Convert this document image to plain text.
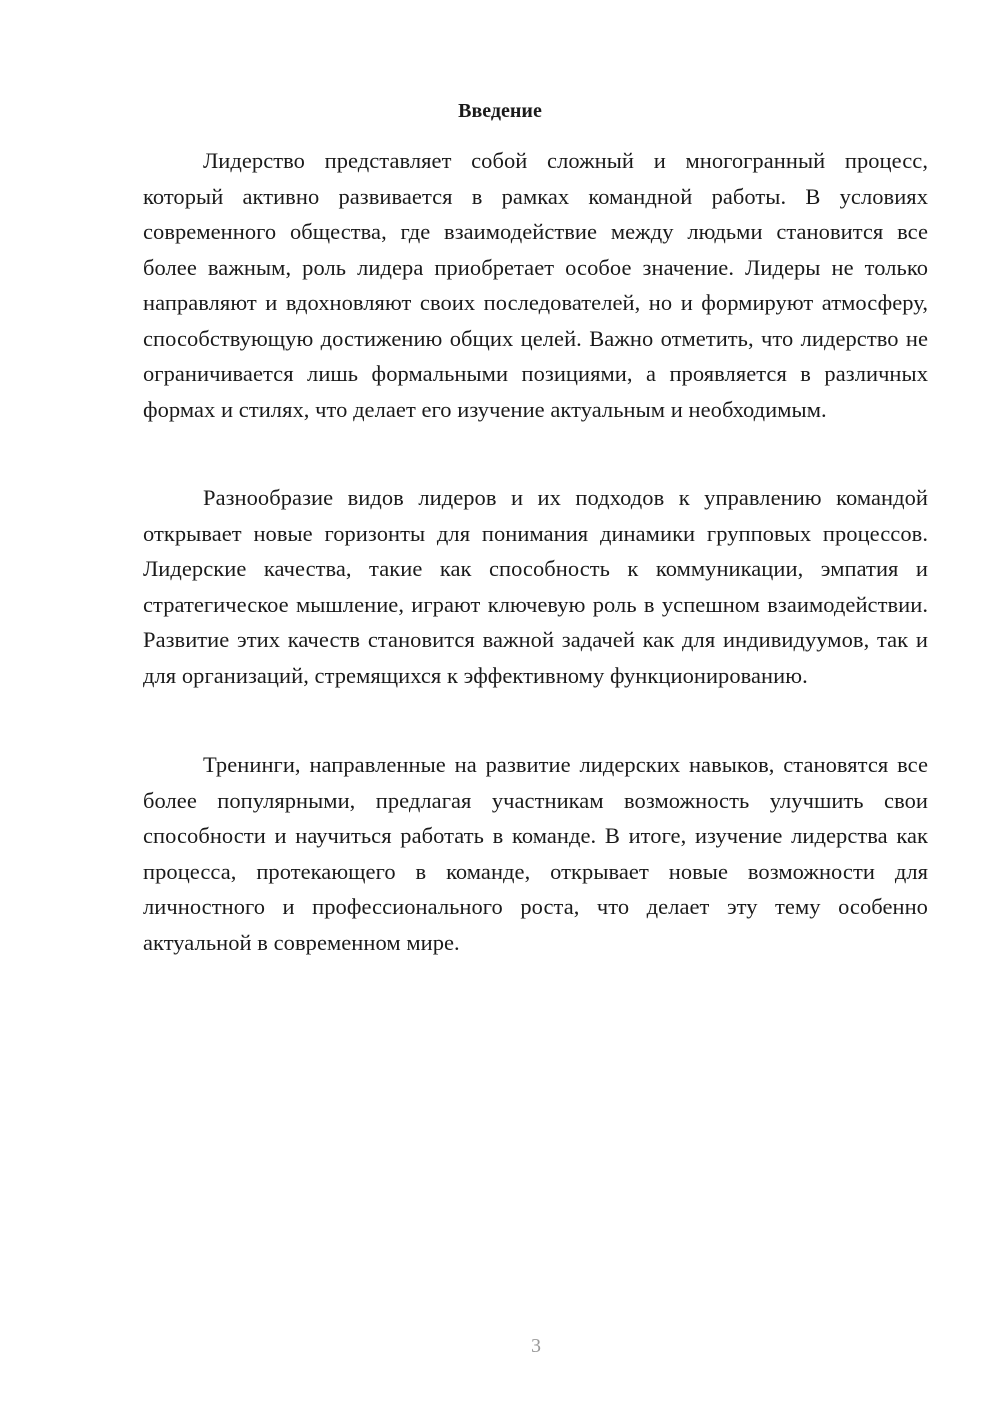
Введение

Лидерство представляет собой сложный и многогранный процесс, который активно развивается в рамках командной работы. В условиях современного общества, где взаимодействие между людьми становится все более важным, роль лидера приобретает особое значение. Лидеры не только направляют и вдохновляют своих последователей, но и формируют атмосферу, способствующую достижению общих целей. Важно отметить, что лидерство не ограничивается лишь формальными позициями, а проявляется в различных формах и стилях, что делает его изучение актуальным и необходимым.

Разнообразие видов лидеров и их подходов к управлению командой открывает новые горизонты для понимания динамики групповых процессов. Лидерские качества, такие как способность к коммуникации, эмпатия и стратегическое мышление, играют ключевую роль в успешном взаимодействии. Развитие этих качеств становится важной задачей как для индивидуумов, так и для организаций, стремящихся к эффективному функционированию.

Тренинги, направленные на развитие лидерских навыков, становятся все более популярными, предлагая участникам возможность улучшить свои способности и научиться работать в команде. В итоге, изучение лидерства как процесса, протекающего в команде, открывает новые возможности для личностного и профессионального роста, что делает эту тему особенно актуальной в современном мире.

3
